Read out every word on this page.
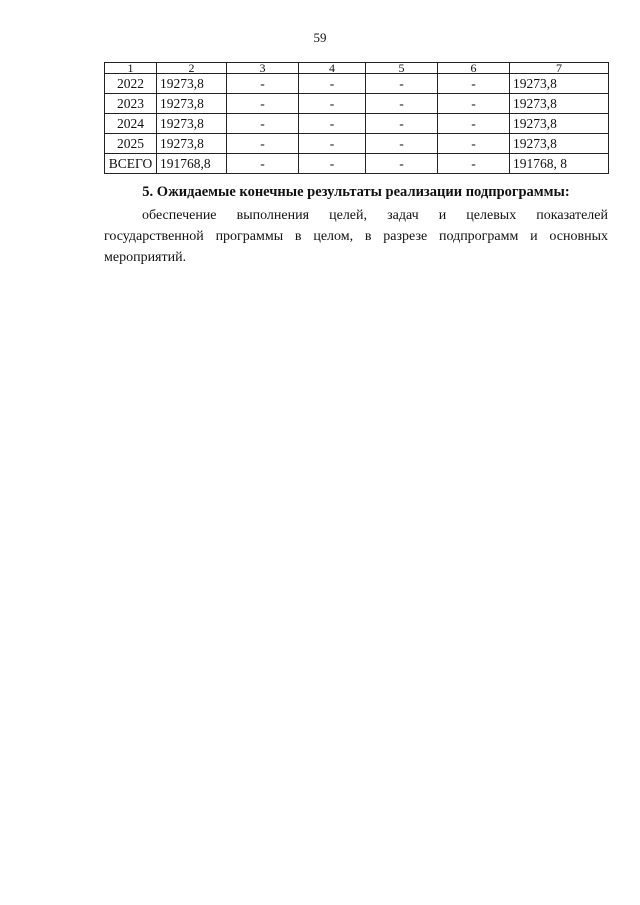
59
1	2	3	4	5	6	7
2022	19273,8	-	-	-	-	19273,8
2023	19273,8	-	-	-	-	19273,8
2024	19273,8	-	-	-	-	19273,8
2025	19273,8	-	-	-	-	19273,8
ВСЕГО	191768,8	-	-	-	-	191768, 8
5. Ожидаемые конечные результаты реализации подпрограммы:
обеспечение выполнения целей, задач и целевых показателей государственной программы в целом, в разрезе подпрограмм и основных мероприятий.
